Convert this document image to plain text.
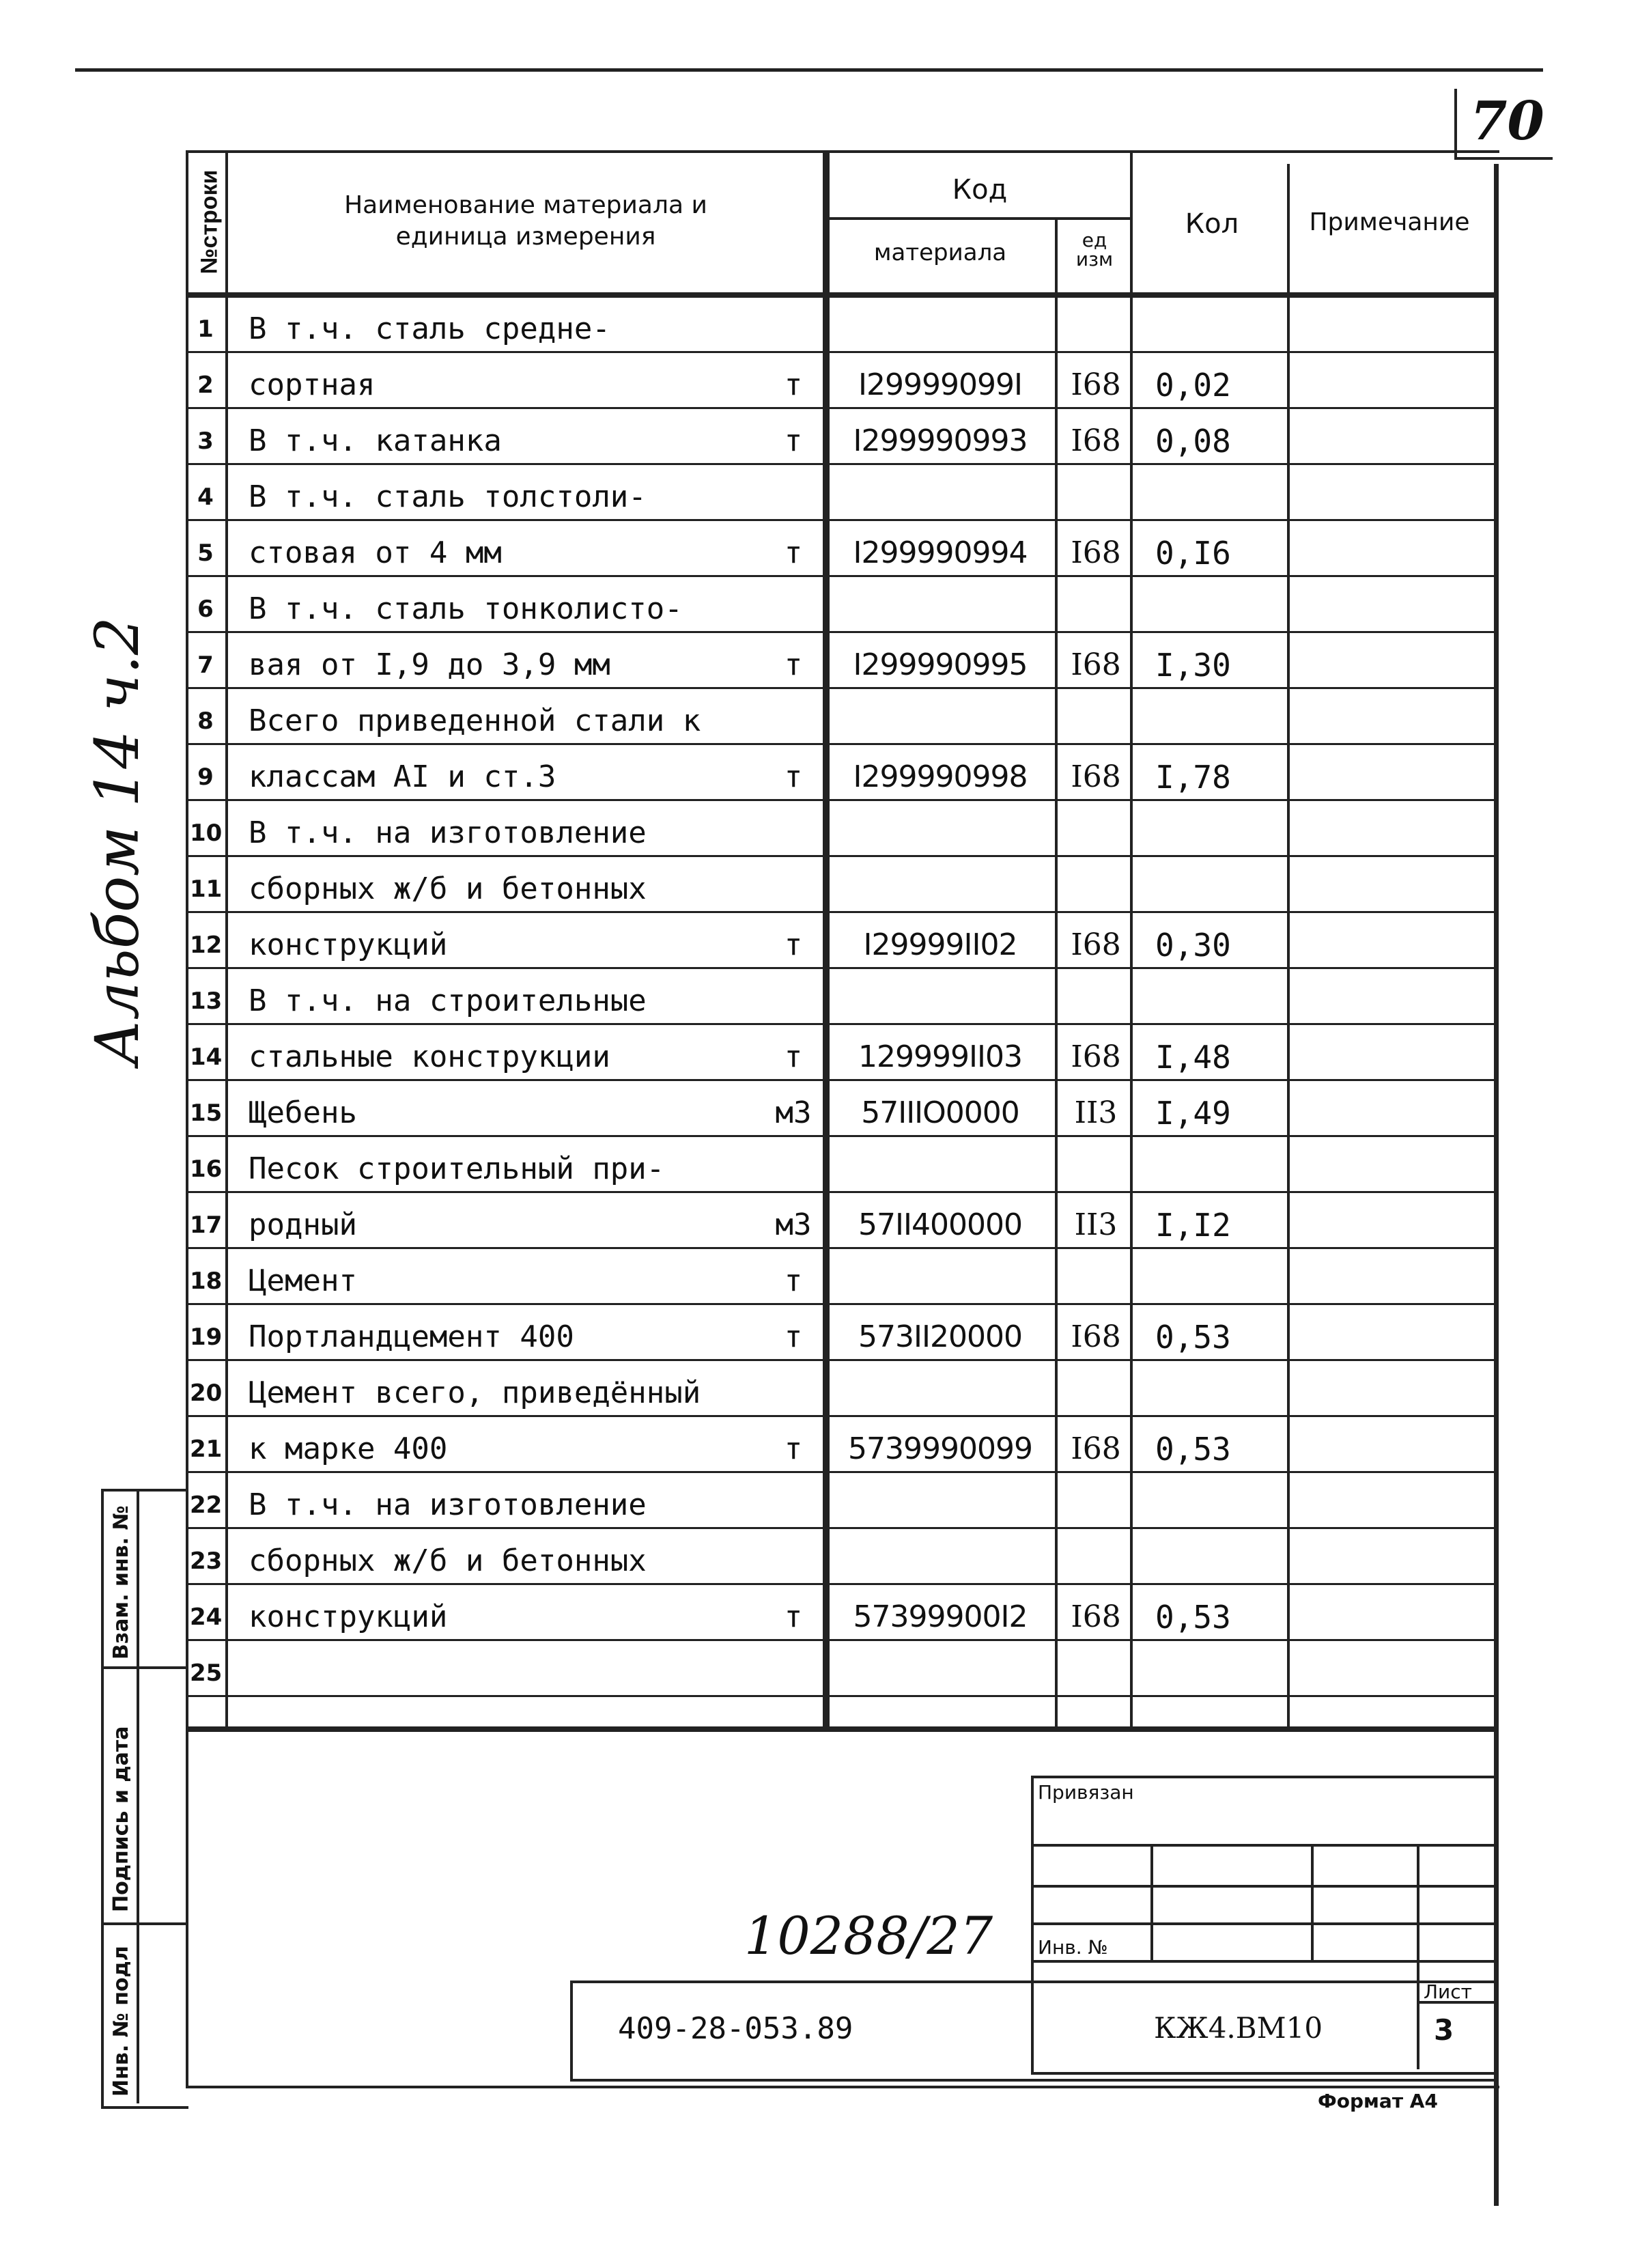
70
№строки	Наименование материала и
единица измерения
Код
материала	ед
изм
Кол	Примечание
1 В т.ч. сталь средне-
2 сортная	т	I29999099I	I68	0,02
3 В т.ч. катанка	т	I299990993	I68	0,08
4 В т.ч. сталь толстоли-
5 стовая от 4 мм	т	I299990994	I68	0,I6
6 В т.ч. сталь тонколисто-
7 вая от I,9 до 3,9 мм	т	I299990995	I68	I,30
8 Всего приведенной стали к
9 классам AI и ст.3	т	I299990998	I68	I,78
10 В т.ч. на изготовление
11 сборных ж/б и бетонных
12 конструкций	т	I29999II02	I68	0,30
13 В т.ч. на строительные
14 стальные конструкции	т	129999II03	I68	I,48
15 Щебень	м3	57IIIO0000	II3	I,49
16 Песок строительный при-
17 родный	м3	57II400000	II3	I,I2
18 Цемент	т
19 Портландцемент 400	т	573II20000	I68	0,53
20 Цемент всего, приведённый
21 к марке 400	т	5739990099	I68	0,53
22 В т.ч. на изготовление
23 сборных ж/б и бетонных
24 конструкций	т	57399900I2	I68	0,53
25
Взам. инв. №
Подпись и дата
Инв. № подл
Альбом 14 ч.2
Привязан
Инв. №
10288/27
409-28-053.89	КЖ4.ВМ10
Лист
3
Формат А4
